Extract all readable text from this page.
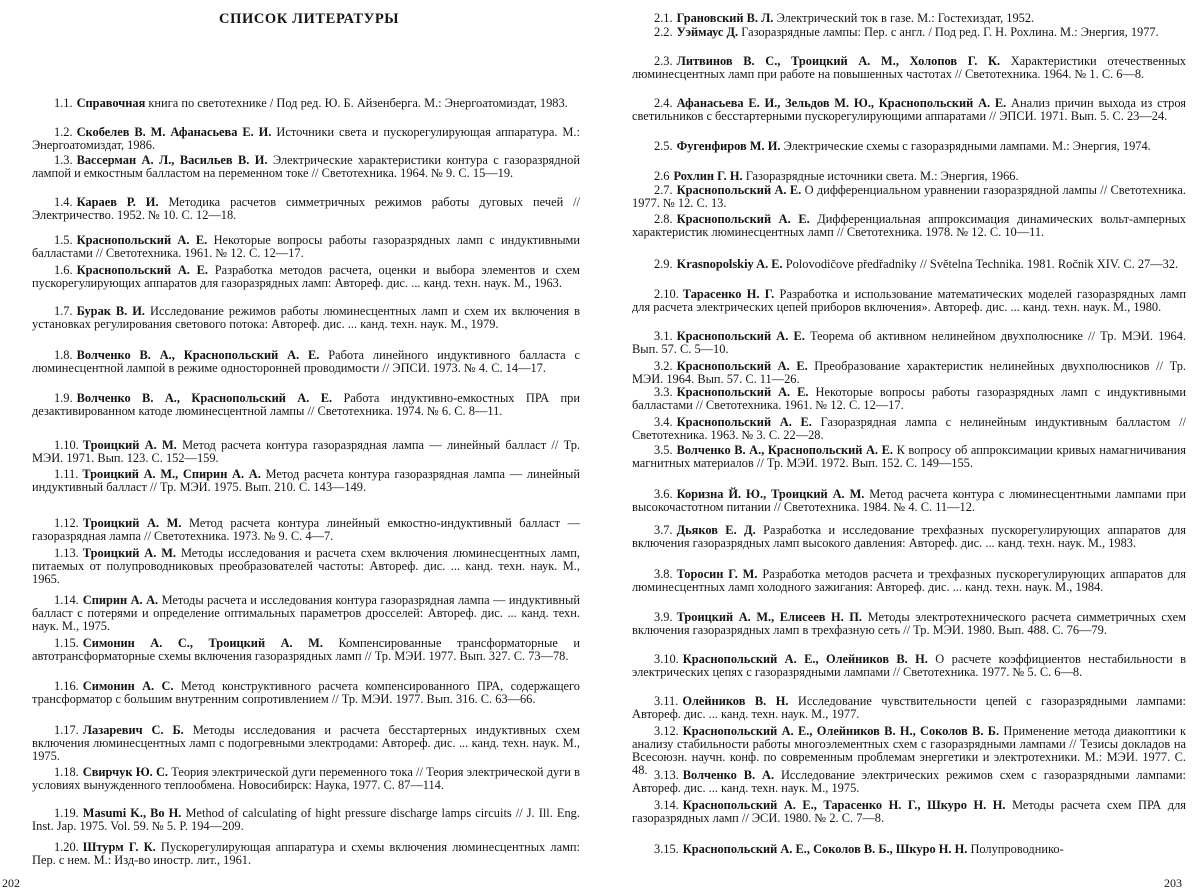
СПИСОК ЛИТЕРАТУРЫ

1.1. Справочная книга по светотехнике / Под ред. Ю. Б. Айзенберга. М.: Энергоатомиздат, 1983.

1.2. Скобелев В. М. Афанасьева Е. И. Источники света и пускорегулирующая аппаратура. М.: Энергоатомиздат, 1986.

1.3. Вассерман А. Л., Васильев В. И. Электрические характеристики контура с газоразрядной лампой и емкостным балластом на переменном токе // Светотехника. 1964. № 9. С. 15—19.

1.4. Караев Р. И. Методика расчетов симметричных режимов работы дуговых печей // Электричество. 1952. № 10. С. 12—18.

1.5. Краснопольский А. Е. Некоторые вопросы работы газоразрядных ламп с индуктивными балластами // Светотехника. 1961. № 12. С. 12—17.

1.6. Краснопольский А. Е. Разработка методов расчета, оценки и выбора элементов и схем пускорегулирующих аппаратов для газоразрядных ламп: Автореф. дис. ... канд. техн. наук. М., 1963.

1.7. Бурак В. И. Исследование режимов работы люминесцентных ламп и схем их включения в установках регулирования светового потока: Автореф. дис. ... канд. техн. наук. М., 1979.

1.8. Волченко В. А., Краснопольский А. Е. Работа линейного индуктивного балласта с люминесцентной лампой в режиме односторонней проводимости // ЭПСИ. 1973. № 4. С. 14—17.

1.9. Волченко В. А., Краснопольский А. Е. Работа индуктивно-емкостных ПРА при дезактивированном катоде люминесцентной лампы // Светотехника. 1974. № 6. С. 8—11.

1.10. Троицкий А. М. Метод расчета контура газоразрядная лампа — линейный балласт // Тр. МЭИ. 1971. Вып. 123. С. 152—159.

1.11. Троицкий А. М., Спирин А. А. Метод расчета контура газоразрядная лампа — линейный индуктивный балласт // Тр. МЭИ. 1975. Вып. 210. С. 143—149.

1.12. Троицкий А. М. Метод расчета контура линейный емкостно-индуктивный балласт — газоразрядная лампа // Светотехника. 1973. № 9. С. 4—7.

1.13. Троицкий А. М. Методы исследования и расчета схем включения люминесцентных ламп, питаемых от полупроводниковых преобразователей частоты: Автореф. дис. ... канд. техн. наук. М., 1965.

1.14. Спирин А. А. Методы расчета и исследования контура газоразрядная лампа — индуктивный балласт с потерями и определение оптимальных параметров дросселей: Автореф. дис. ... канд. техн. наук. М., 1975.

1.15. Симонин А. С., Троицкий А. М. Компенсированные трансформаторные и автотрансформаторные схемы включения газоразрядных ламп // Тр. МЭИ. 1977. Вып. 327. С. 73—78.

1.16. Симонин А. С. Метод конструктивного расчета компенсированного ПРА, содержащего трансформатор с большим внутренним сопротивлением // Тр. МЭИ. 1977. Вып. 316. С. 63—66.

1.17. Лазаревич С. Б. Методы исследования и расчета бесстартерных индуктивных схем включения люминесцентных ламп с подогревными электродами: Автореф. дис. ... канд. техн. наук. М., 1975.

1.18. Свирчук Ю. С. Теория электрической дуги переменного тока // Теория электрической дуги в условиях вынужденного теплообмена. Новосибирск: Наука, 1977. С. 87—114.

1.19. Masumi K., Bo H. Method of calculating of hight pressure discharge lamps circuits // J. Ill. Eng. Inst. Jap. 1975. Vol. 59. № 5. P. 194—209.

1.20. Штурм Г. К. Пускорегулирующая аппаратура и схемы включения люминесцентных ламп: Пер. с нем. М.: Изд-во иностр. лит., 1961.

202

2.1. Грановский В. Л. Электрический ток в газе. М.: Гостехиздат, 1952.

2.2. Уэймаус Д. Газоразрядные лампы: Пер. с англ. / Под ред. Г. Н. Рохлина. М.: Энергия, 1977.

2.3. Литвинов В. С., Троицкий А. М., Холопов Г. К. Характеристики отечественных люминесцентных ламп при работе на повышенных частотах // Светотехника. 1964. № 1. С. 6—8.

2.4. Афанасьева Е. И., Зельдов М. Ю., Краснопольский А. Е. Анализ причин выхода из строя светильников с бесстартерными пускорегулирующими аппаратами // ЭПСИ. 1971. Вып. 5. С. 23—24.

2.5. Фугенфиров М. И. Электрические схемы с газоразрядными лампами. М.: Энергия, 1974.

2.6 Рохлин Г. Н. Газоразрядные источники света. М.: Энергия, 1966.

2.7. Краснопольский А. Е. О дифференциальном уравнении газоразрядной лампы // Светотехника. 1977. № 12. С. 13.

2.8. Краснопольский А. Е. Дифференциальная аппроксимация динамических вольт-амперных характеристик люминесцентных ламп // Светотехника. 1978. № 12. С. 10—11.

2.9. Krasnopolskiy A. E. Polovodičove předřadniky // Světelna Technika. 1981. Ročnik XIV. C. 27—32.

2.10. Тарасенко Н. Г. Разработка и использование математических моделей газоразрядных ламп для расчета электрических цепей приборов включения». Автореф. дис. ... канд. техн. наук. М., 1980.

3.1. Краснопольский А. Е. Теорема об активном нелинейном двухполюснике // Тр. МЭИ. 1964. Вып. 57. С. 5—10.

3.2. Краснопольский А. Е. Преобразование характеристик нелинейных двухполюсников // Тр. МЭИ. 1964. Вып. 57. С. 11—26.

3.3. Краснопольский А. Е. Некоторые вопросы работы газоразрядных ламп с индуктивными балластами // Светотехника. 1961. № 12. С. 12—17.

3.4. Краснопольский А. Е. Газоразрядная лампа с нелинейным индуктивным балластом // Светотехника. 1963. № 3. С. 22—28.

3.5. Волченко В. А., Краснопольский А. Е. К вопросу об аппроксимации кривых намагничивания магнитных материалов // Тр. МЭИ. 1972. Вып. 152. С. 149—155.

3.6. Коризна Й. Ю., Троицкий А. М. Метод расчета контура с люминесцентными лампами при высокочастотном питании // Светотехника. 1984. № 4. С. 11—12.

3.7. Дьяков Е. Д. Разработка и исследование трехфазных пускорегулирующих аппаратов для включения газоразрядных ламп высокого давления: Автореф. дис. ... канд. техн. наук. М., 1983.

3.8. Торосин Г. М. Разработка методов расчета и трехфазных пускорегулирующих аппаратов для люминесцентных ламп холодного зажигания: Автореф. дис. ... канд. техн. наук. М., 1984.

3.9. Троицкий А. М., Елисеев Н. П. Методы электротехнического расчета симметричных схем включения газоразрядных ламп в трехфазную сеть // Тр. МЭИ. 1980. Вып. 488. С. 76—79.

3.10. Краснопольский А. Е., Олейников В. Н. О расчете коэффициентов нестабильности в электрических цепях с газоразрядными лампами // Светотехника. 1977. № 5. С. 6—8.

3.11. Олейников В. Н. Исследование чувствительности цепей с газоразрядными лампами: Автореф. дис. ... канд. техн. наук. М., 1977.

3.12. Краснопольский А. Е., Олейников В. Н., Соколов В. Б. Применение метода диакоптики к анализу стабильности работы многоэлементных схем с газоразрядными лампами // Тезисы докладов на Всесоюзн. научн. конф. по современным проблемам энергетики и электротехники. М.: МЭИ. 1977. С. 48. 3.13. Волченко В. А. Исследование электрических режимов схем с газоразрядными лампами: Автореф. дис. ... канд. техн. наук. М., 1975.

3.14. Краснопольский А. Е., Тарасенко Н. Г., Шкуро Н. Н. Методы расчета схем ПРА для газоразрядных ламп // ЭСИ. 1980. № 2. С. 7—8.

3.15. Краснопольский А. Е., Соколов В. Б., Шкуро Н. Н. Полупроводнико-

203
